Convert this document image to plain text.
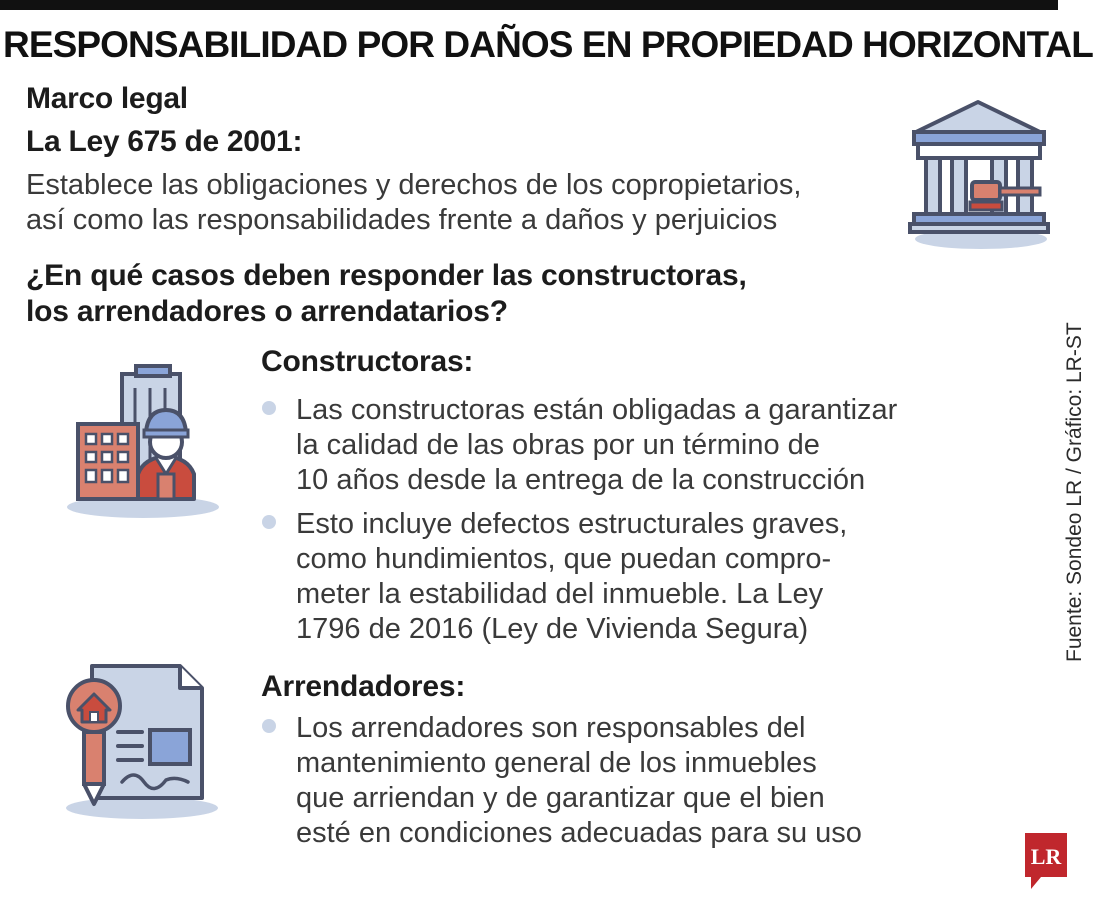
RESPONSABILIDAD POR DAÑOS EN PROPIEDAD HORIZONTAL
Marco legal
La Ley 675 de 2001:
Establece las obligaciones y derechos de los copropietarios,
así como las responsabilidades frente a daños y perjuicios
¿En qué casos deben responder las constructoras,
los arrendadores o arrendatarios?
Constructoras:
Las constructoras están obligadas a garantizar
la calidad de las obras por un término de
10 años desde la entrega de la construcción
Esto incluye defectos estructurales graves,
como hundimientos, que puedan compro-
meter la estabilidad del inmueble. La Ley
1796 de 2016 (Ley de Vivienda Segura)
Arrendadores:
Los arrendadores son responsables del
mantenimiento general de los inmuebles
que arriendan y de garantizar que el bien
esté en condiciones adecuadas para su uso
Fuente: Sondeo LR / Gráfico: LR-ST
LR
